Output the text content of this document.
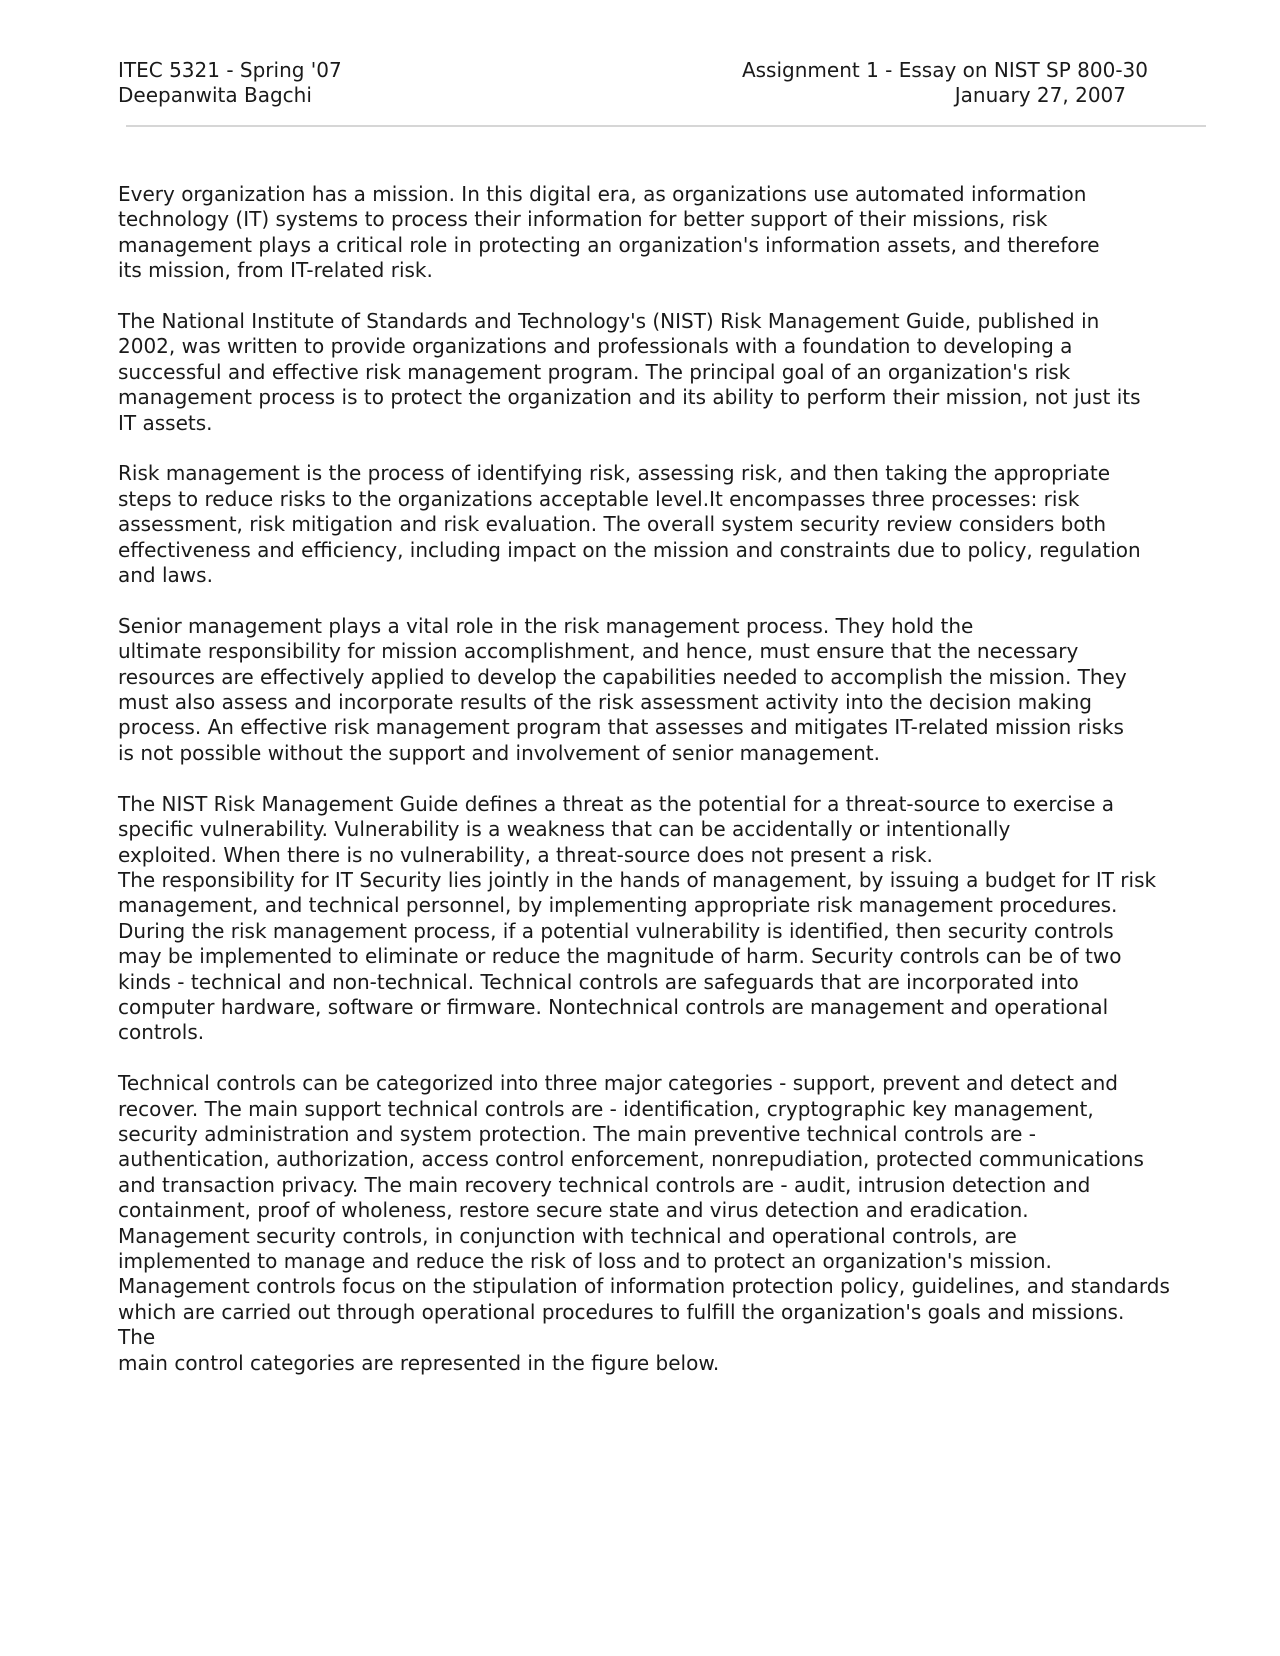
ITEC 5321 - Spring '07
Deepanwita Bagchi
Assignment 1 - Essay on NIST SP 800-30
January 27, 2007
Every organization has a mission. In this digital era, as organizations use automated information
technology (IT) systems to process their information for better support of their missions, risk
management plays a critical role in protecting an organization's information assets, and therefore
its mission, from IT-related risk.
The National Institute of Standards and Technology's (NIST) Risk Management Guide, published in
2002, was written to provide organizations and professionals with a foundation to developing a
successful and effective risk management program. The principal goal of an organization's risk
management process is to protect the organization and its ability to perform their mission, not just its
IT assets.
Risk management is the process of identifying risk, assessing risk, and then taking the appropriate
steps to reduce risks to the organizations acceptable level.It encompasses three processes: risk
assessment, risk mitigation and risk evaluation. The overall system security review considers both
effectiveness and efficiency, including impact on the mission and constraints due to policy, regulation
and laws.
Senior management plays a vital role in the risk management process. They hold the
ultimate responsibility for mission accomplishment, and hence, must ensure that the necessary
resources are effectively applied to develop the capabilities needed to accomplish the mission. They
must also assess and incorporate results of the risk assessment activity into the decision making
process. An effective risk management program that assesses and mitigates IT-related mission risks
is not possible without the support and involvement of senior management.
The NIST Risk Management Guide defines a threat as the potential for a threat-source to exercise a
specific vulnerability. Vulnerability is a weakness that can be accidentally or intentionally
exploited. When there is no vulnerability, a threat-source does not present a risk.
The responsibility for IT Security lies jointly in the hands of management, by issuing a budget for IT risk
management, and technical personnel, by implementing appropriate risk management procedures.
During the risk management process, if a potential vulnerability is identified, then security controls
may be implemented to eliminate or reduce the magnitude of harm. Security controls can be of two
kinds - technical and non-technical. Technical controls are safeguards that are incorporated into
computer hardware, software or firmware. Nontechnical controls are management and operational
controls.
Technical controls can be categorized into three major categories - support, prevent and detect and
recover. The main support technical controls are - identification, cryptographic key management,
security administration and system protection. The main preventive technical controls are -
authentication, authorization, access control enforcement, nonrepudiation, protected communications
and transaction privacy. The main recovery technical controls are - audit, intrusion detection and
containment, proof of wholeness, restore secure state and virus detection and eradication.
Management security controls, in conjunction with technical and operational controls, are
implemented to manage and reduce the risk of loss and to protect an organization's mission.
Management controls focus on the stipulation of information protection policy, guidelines, and standards
which are carried out through operational procedures to fulfill the organization's goals and missions.
The
main control categories are represented in the figure below.
